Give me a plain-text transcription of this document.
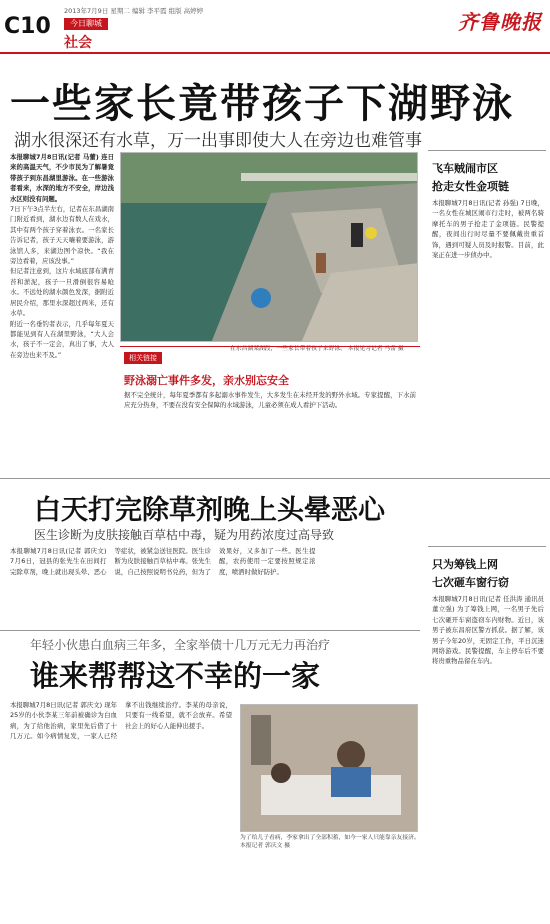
C10
2013年7月9日 星期二 编辑 李平霞 组版 高婷婷
今日聊城
社会
齐鲁晚报
一些家长竟带孩子下湖野泳
湖水很深还有水草，万一出事即使大人在旁边也难管事

本报聊城7月8日讯(记者 马蕾) 连日来的高温天气，不少市民为了解暑竟带孩子到东昌湖里游泳。在一些游泳者看来，水深的地方不安全，岸边浅水区则没有问题。

7日下午3点半左右，记者在东昌湖南门附近看到，湖水边有数人在戏水，其中有两个孩子穿着泳衣。一名家长告诉记者，孩子天天嚷着要游泳，游泳馆人多，来湖边图个凉快。“我在旁边看着，应该没事。”

但记者注意到，这片水域底部布满青苔和淤泥，孩子一旦滑倒很容易呛水。不远处的湖水颜色发深，据附近居民介绍，那里水深超过两米，还有水草。

附近一名垂钓者表示，几乎每年夏天都能见到有人在湖里野泳，“大人会水，孩子不一定会，真出了事，大人在旁边也来不及。”

在东昌湖某湖段，一些家长带着孩子来野泳。 本报见习记者 马蕾 摄
相关链接
野泳溺亡事件多发，亲水别忘安全

据不完全统计，每年夏季都有多起溺水事件发生，大多发生在未经开发的野外水域。专家提醒，下水前应充分热身，不要在没有安全保障的水域游泳，儿童必须在成人看护下活动。

飞车贼闹市区
抢走女性金项链

本报聊城7月8日讯(记者 孙强) 7日晚，一名女性在城区闹市行走时，被两名骑摩托车的男子抢走了金项链。民警提醒，夜间出行时尽量不要佩戴贵重首饰，遇到可疑人员及时报警。目前，此案正在进一步侦办中。

白天打完除草剂晚上头晕恶心
医生诊断为皮肤接触百草枯中毒，疑为用药浓度过高导致

本报聊城7月8日讯(记者 郭庆文) 7月6日，冠县的张先生在田间打完除草剂，晚上就出现头晕、恶心等症状，被紧急送往医院。医生诊断为皮肤接触百草枯中毒。张先生说，自己按照说明书兑药，但为了效果好，又多加了一些。医生提醒，农药使用一定要按照规定浓度，喷洒时做好防护。

只为筹钱上网
七次砸车窗行窃

本报聊城7月8日讯(记者 任洪涛 通讯员 董立强) 为了筹钱上网，一名男子先后七次砸开车窗盗窃车内财物。近日，该男子被东昌府区警方抓获。据了解，该男子今年20岁，无固定工作，平日沉迷网络游戏。民警提醒，车主停车后不要将贵重物品留在车内。

年轻小伙患白血病三年多，全家举债十几万元无力再治疗
谁来帮帮这不幸的一家

本报聊城7月8日讯(记者 郭庆文) 现年25岁的小伙李某三年前被确诊为白血病，为了给他治病，家里先后借了十几万元。如今病情复发，一家人已经拿不出钱继续治疗。李某的母亲说，只要有一线希望，就不会放弃。希望社会上的好心人能伸出援手。

为了给儿子看病，李家拿出了全部积蓄，如今一家人只能靠亲友接济。 本报记者 郭庆文 摄
